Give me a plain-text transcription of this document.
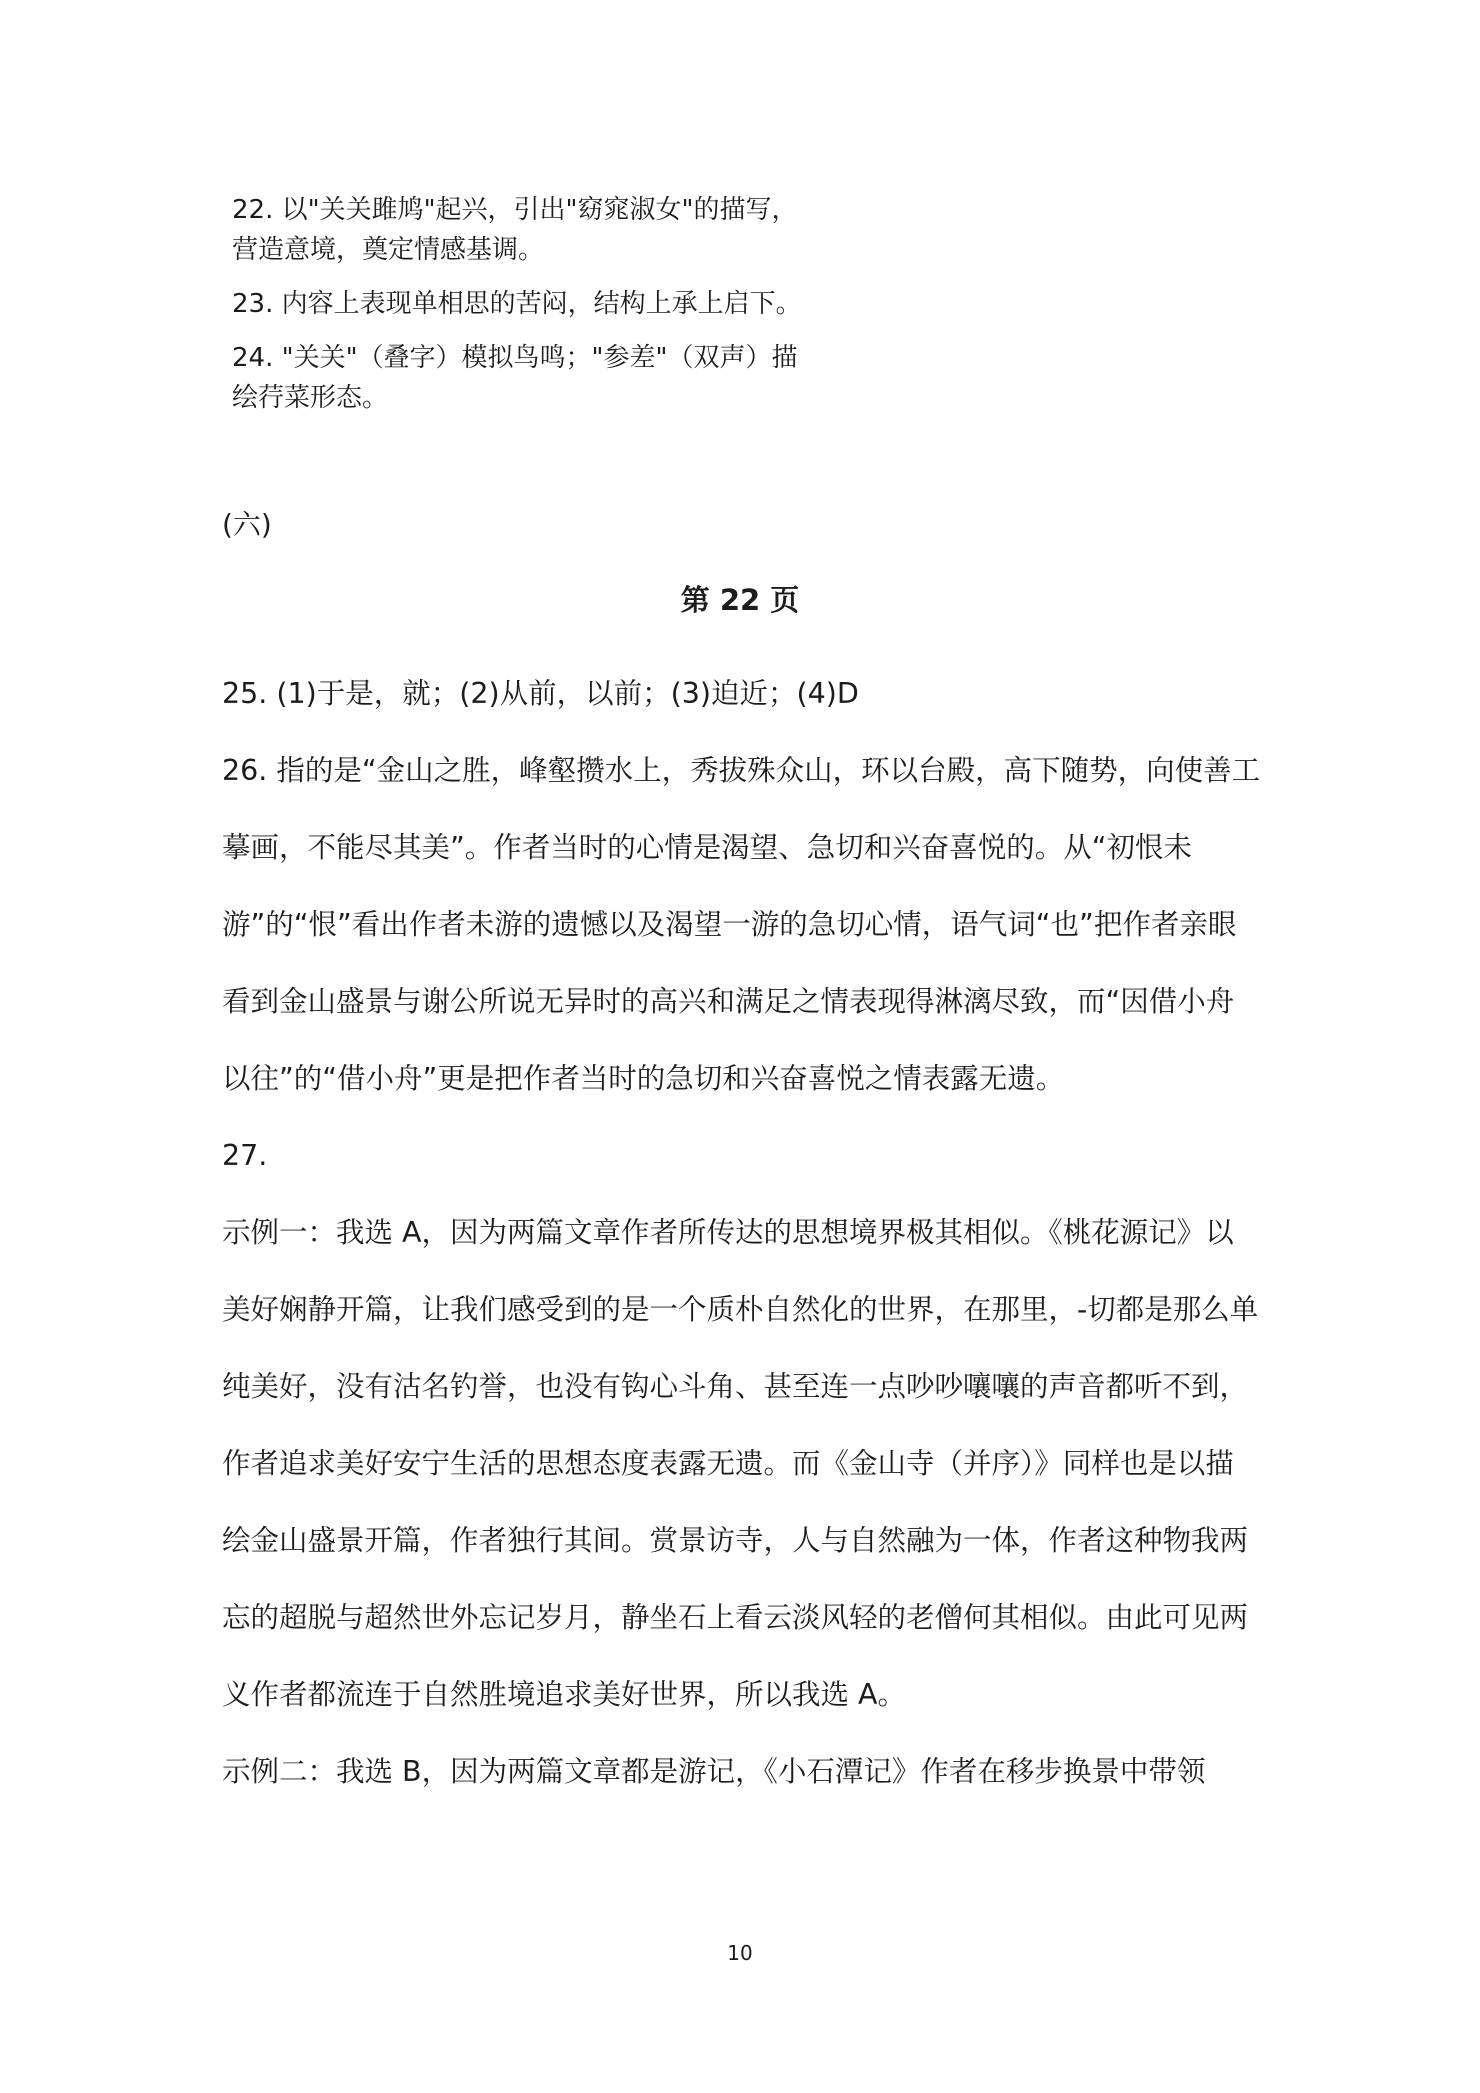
22. 以"关关雎鸠"起兴，引出"窈窕淑女"的描写，营造意境，奠定情感基调。
23. 内容上表现单相思的苦闷，结构上承上启下。
24. "关关"（叠字）模拟鸟鸣；"参差"（双声）描绘荇菜形态。
(六)
第 22 页

25. (1)于是，就；(2)从前，以前；(3)迫近；(4)D

26. 指的是“金山之胜，峰壑攒水上，秀拔殊众山，环以台殿，高下随势，向使善工摹画，不能尽其美”。作者当时的心情是渴望、急切和兴奋喜悦的。从“初恨未游”的“恨”看出作者未游的遗憾以及渴望一游的急切心情，语气词“也”把作者亲眼看到金山盛景与谢公所说无异时的高兴和满足之情表现得淋漓尽致，而“因借小舟以往”的“借小舟”更是把作者当时的急切和兴奋喜悦之情表露无遗。

27.

示例一：我选 A，因为两篇文章作者所传达的思想境界极其相似。《桃花源记》以美好娴静开篇，让我们感受到的是一个质朴自然化的世界，在那里，-切都是那么单纯美好，没有沽名钓誉，也没有钩心斗角、甚至连一点吵吵嚷嚷的声音都听不到，作者追求美好安宁生活的思想态度表露无遗。而《金山寺（并序）》同样也是以描绘金山盛景开篇，作者独行其间。赏景访寺，人与自然融为一体，作者这种物我两忘的超脱与超然世外忘记岁月，静坐石上看云淡风轻的老僧何其相似。由此可见两义作者都流连于自然胜境追求美好世界，所以我选 A。

示例二：我选 B，因为两篇文章都是游记，《小石潭记》作者在移步换景中带领

10
